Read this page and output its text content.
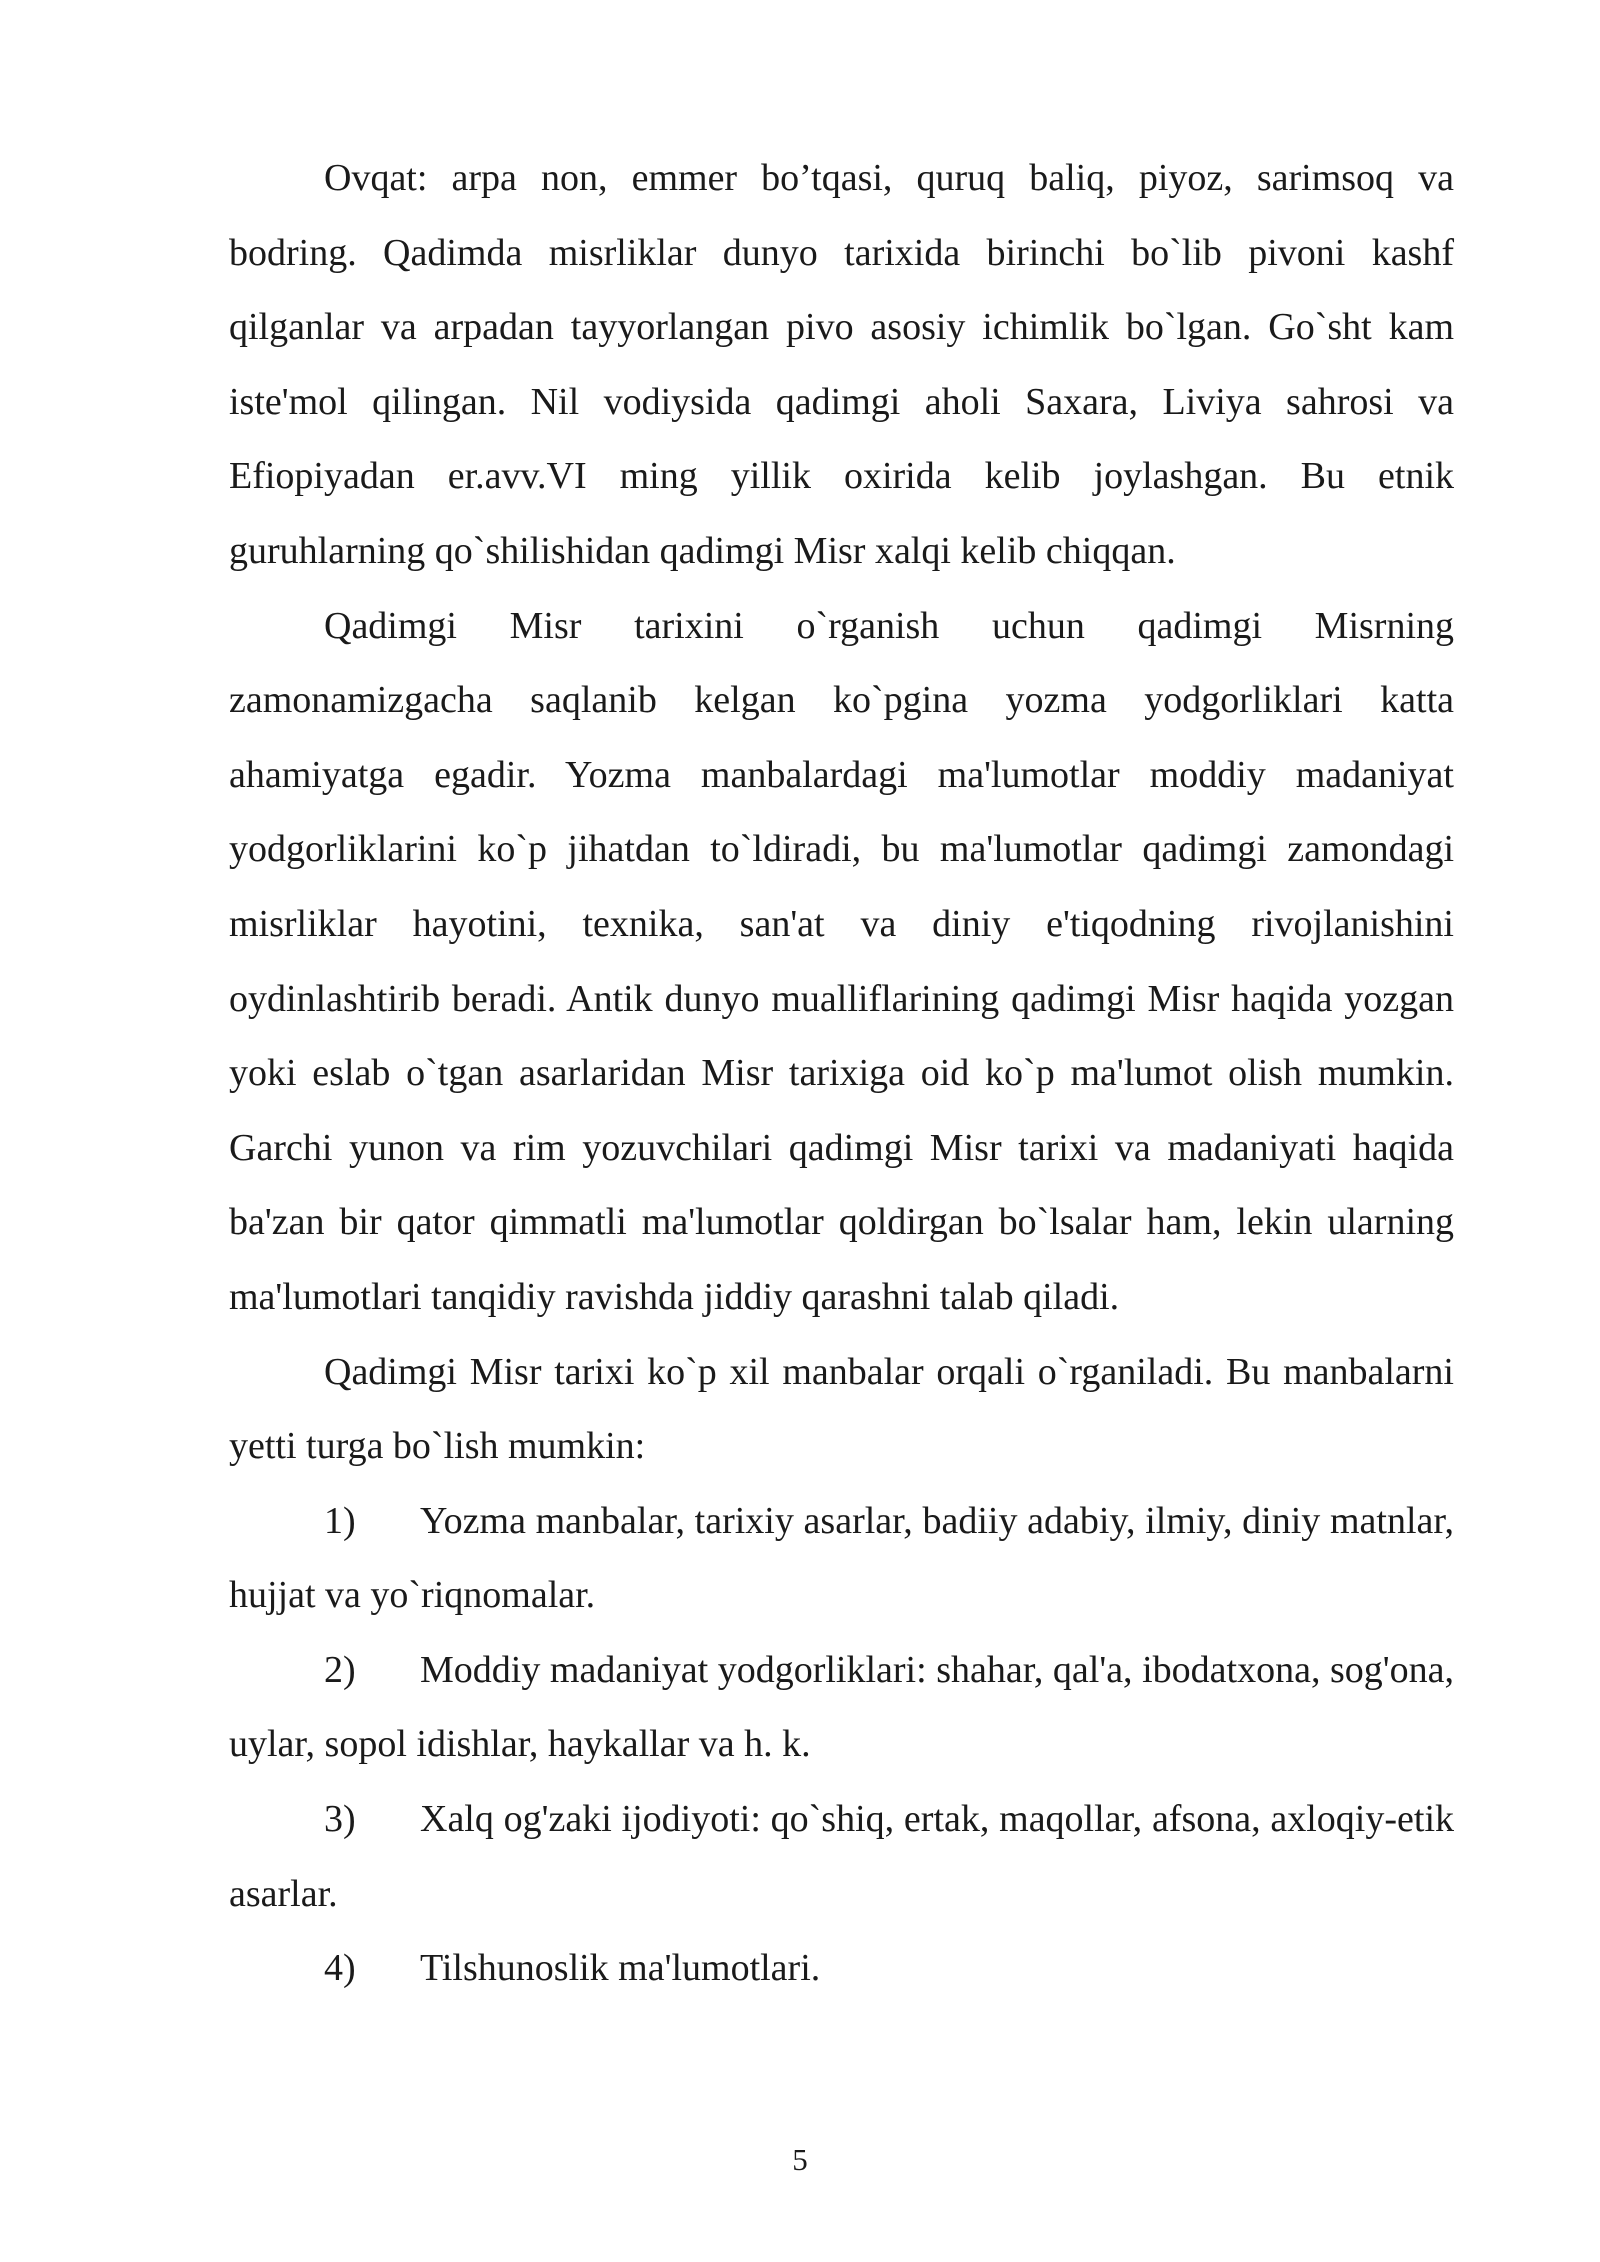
Ovqat: arpa non, emmer bo’tqasi, quruq baliq, piyoz, sarimsoq va bodring. Qadimda misrliklar dunyo tarixida birinchi bo`lib pivoni kashf qilganlar va arpadan tayyorlangan pivo asosiy ichimlik bo`lgan. Go`sht kam iste'mol qilingan. Nil vodiysida qadimgi aholi Saxara, Liviya sahrosi va Efiopiyadan er.avv.VI ming yillik oxirida kelib joylashgan. Bu etnik guruhlarning qo`shilishidan qadimgi Misr xalqi kelib chiqqan.

Qadimgi Misr tarixini o`rganish uchun qadimgi Misrning zamonamizgacha saqlanib kelgan ko`pgina yozma yodgorliklari katta ahamiyatga egadir. Yozma manbalardagi ma'lumotlar moddiy madaniyat yodgorliklarini ko`p jihatdan to`ldiradi, bu ma'lumotlar qadimgi zamondagi misrliklar hayotini, texnika, san'at va diniy e'tiqodning rivojlanishini oydinlashtirib beradi. Antik dunyo mualliflarining qadimgi Misr haqida yozgan yoki eslab o`tgan asarlaridan Misr tarixiga oid ko`p ma'lumot olish mumkin. Garchi yunon va rim yozuvchilari qadimgi Misr tarixi va madaniyati haqida ba'zan bir qator qimmatli ma'lumotlar qoldirgan bo`lsalar ham, lekin ularning ma'lumotlari tanqidiy ravishda jiddiy qarashni talab qiladi.

Qadimgi Misr tarixi ko`p xil manbalar orqali o`rganiladi. Bu manbalarni yetti turga bo`lish mumkin:

1) Yozma manbalar, tarixiy asarlar, badiiy adabiy, ilmiy, diniy matnlar, hujjat va yo`riqnomalar.
2) Moddiy madaniyat yodgorliklari: shahar, qal'a, ibodatxona, sog'ona, uylar, sopol idishlar, haykallar va h. k.
3) Xalq og'zaki ijodiyoti: qo`shiq, ertak, maqollar, afsona, axloqiy-etik asarlar.
4) Tilshunoslik ma'lumotlari.
5
